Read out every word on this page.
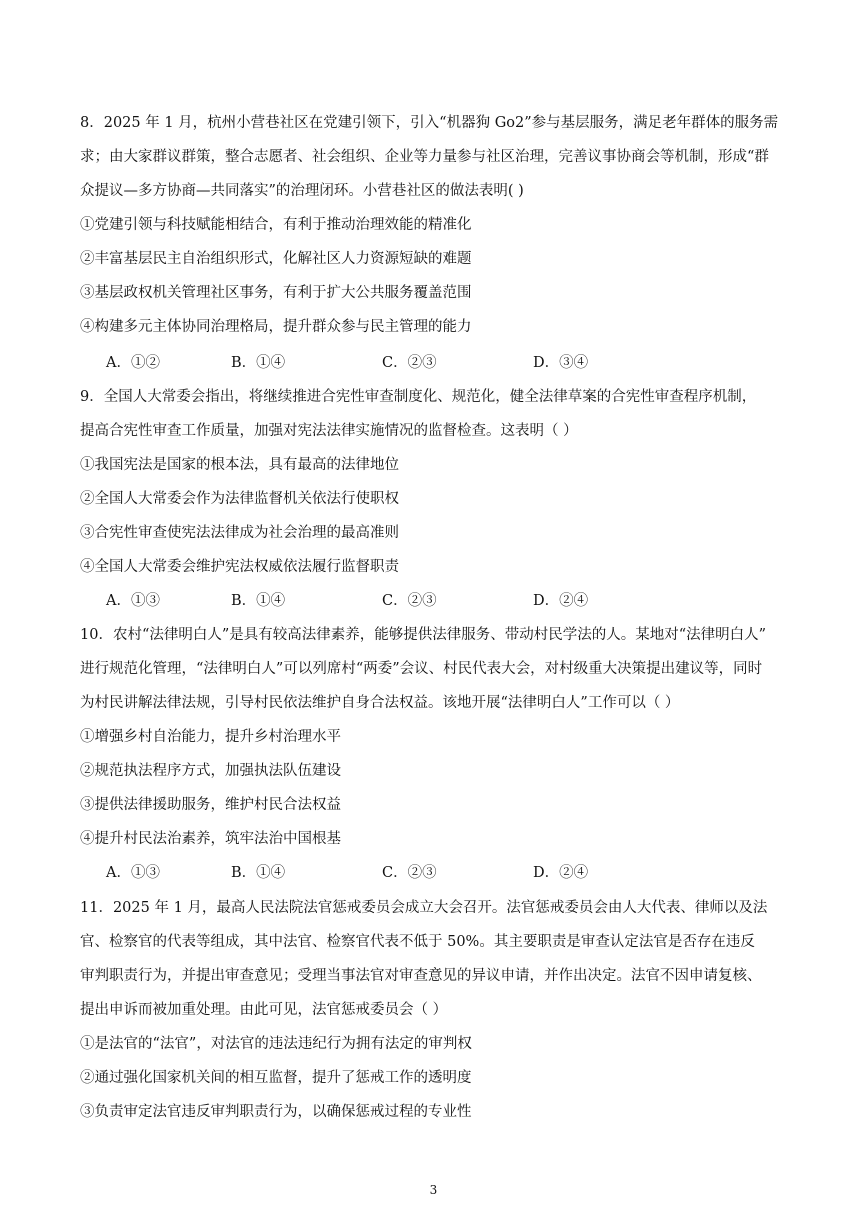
8．2025 年 1 月，杭州小营巷社区在党建引领下，引入“机器狗 Go2”参与基层服务，满足老年群体的服务需
求；由大家群议群策，整合志愿者、社会组织、企业等力量参与社区治理，完善议事协商会等机制，形成“群
众提议—多方协商—共同落实”的治理闭环。小营巷社区的做法表明( )
①党建引领与科技赋能相结合，有利于推动治理效能的精准化
②丰富基层民主自治组织形式，化解社区人力资源短缺的难题
③基层政权机关管理社区事务，有利于扩大公共服务覆盖范围
④构建多元主体协同治理格局，提升群众参与民主管理的能力
A．①②	B．①④	C．②③	D．③④
9．全国人大常委会指出，将继续推进合宪性审查制度化、规范化，健全法律草案的合宪性审查程序机制，
提高合宪性审查工作质量，加强对宪法法律实施情况的监督检查。这表明（ ）
①我国宪法是国家的根本法，具有最高的法律地位
②全国人大常委会作为法律监督机关依法行使职权
③合宪性审查使宪法法律成为社会治理的最高准则
④全国人大常委会维护宪法权威依法履行监督职责
A．①③	B．①④	C．②③	D．②④
10．农村“法律明白人”是具有较高法律素养，能够提供法律服务、带动村民学法的人。某地对“法律明白人”
进行规范化管理，“法律明白人”可以列席村“两委”会议、村民代表大会，对村级重大决策提出建议等，同时
为村民讲解法律法规，引导村民依法维护自身合法权益。该地开展“法律明白人”工作可以（ ）
①增强乡村自治能力，提升乡村治理水平
②规范执法程序方式，加强执法队伍建设
③提供法律援助服务，维护村民合法权益
④提升村民法治素养，筑牢法治中国根基
A．①③	B．①④	C．②③	D．②④
11．2025 年 1 月，最高人民法院法官惩戒委员会成立大会召开。法官惩戒委员会由人大代表、律师以及法
官、检察官的代表等组成，其中法官、检察官代表不低于 50%。其主要职责是审查认定法官是否存在违反
审判职责行为，并提出审查意见；受理当事法官对审查意见的异议申请，并作出决定。法官不因申请复核、
提出申诉而被加重处理。由此可见，法官惩戒委员会（ ）
①是法官的“法官”，对法官的违法违纪行为拥有法定的审判权
②通过强化国家机关间的相互监督，提升了惩戒工作的透明度
③负责审定法官违反审判职责行为，以确保惩戒过程的专业性
3
